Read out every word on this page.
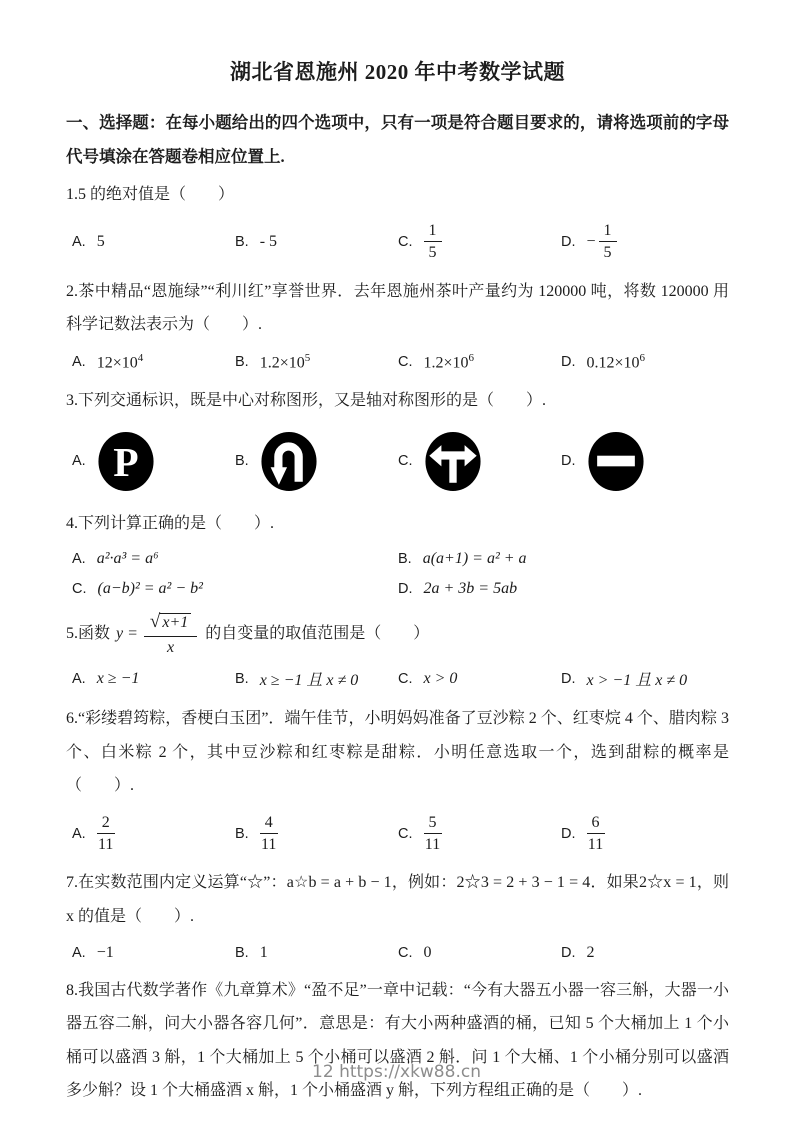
湖北省恩施州 2020 年中考数学试题

一、选择题：在每小题给出的四个选项中，只有一项是符合题目要求的，请将选项前的字母代号填涂在答题卷相应位置上.

1.5 的绝对值是（　　）

A. 5	B. - 5	C. $\frac{1}{5}$	D. − $\frac{1}{5}$

2.茶中精品“恩施绿”“利川红”享誉世界．去年恩施州茶叶产量约为 120000 吨，将数 120000 用科学记数法表示为（　　）.

A. $12\times 10^4$	B. $1.2\times 10^5$	C. $1.2\times 10^6$	D. $0.12\times 10^6$

3.下列交通标识，既是中心对称图形，又是轴对称图形的是（　　）.

A. P	B.	C.	D.

4.下列计算正确的是（　　）.

A. a²·a³ = a⁶	B. a(a+1) = a² + a
C. (a−b)² = a² − b²	D. 2a + 3b = 5ab

5.函数 $y = \frac{√ x+1}{x}$ 的自变量的取值范围是（　　）

A. x ≥ −1	B. x ≥ −1 且 x ≠ 0	C. x > 0	D. x > −1 且 x ≠ 0

6.“彩缕碧筠粽，香梗白玉团”．端午佳节，小明妈妈准备了豆沙粽 2 个、红枣烷 4 个、腊肉粽 3 个、白米粽 2 个，其中豆沙粽和红枣粽是甜粽．小明任意选取一个，选到甜粽的概率是（　　）.

A. $\frac{2}{11}$	B. $\frac{4}{11}$	C. $\frac{5}{11}$	D. $\frac{6}{11}$

7.在实数范围内定义运算“☆”：a☆b = a + b − 1，例如：2☆3 = 2 + 3 − 1 = 4．如果2☆x = 1，则 x 的值是（　　）.

A. −1	B. 1	C. 0	D. 2

8.我国古代数学著作《九章算术》“盈不足”一章中记载：“今有大器五小器一容三斛，大器一小器五容二斛，问大小器各容几何”．意思是：有大小两种盛酒的桶，已知 5 个大桶加上 1 个小桶可以盛酒 3 斛，1 个大桶加上 5 个小桶可以盛酒 2 斛．问 1 个大桶、1 个小桶分别可以盛酒多少斛？设 1 个大桶盛酒 x 斛，1 个小桶盛酒 y 斛，下列方程组正确的是（　　）.

12 https://xkw88.cn
